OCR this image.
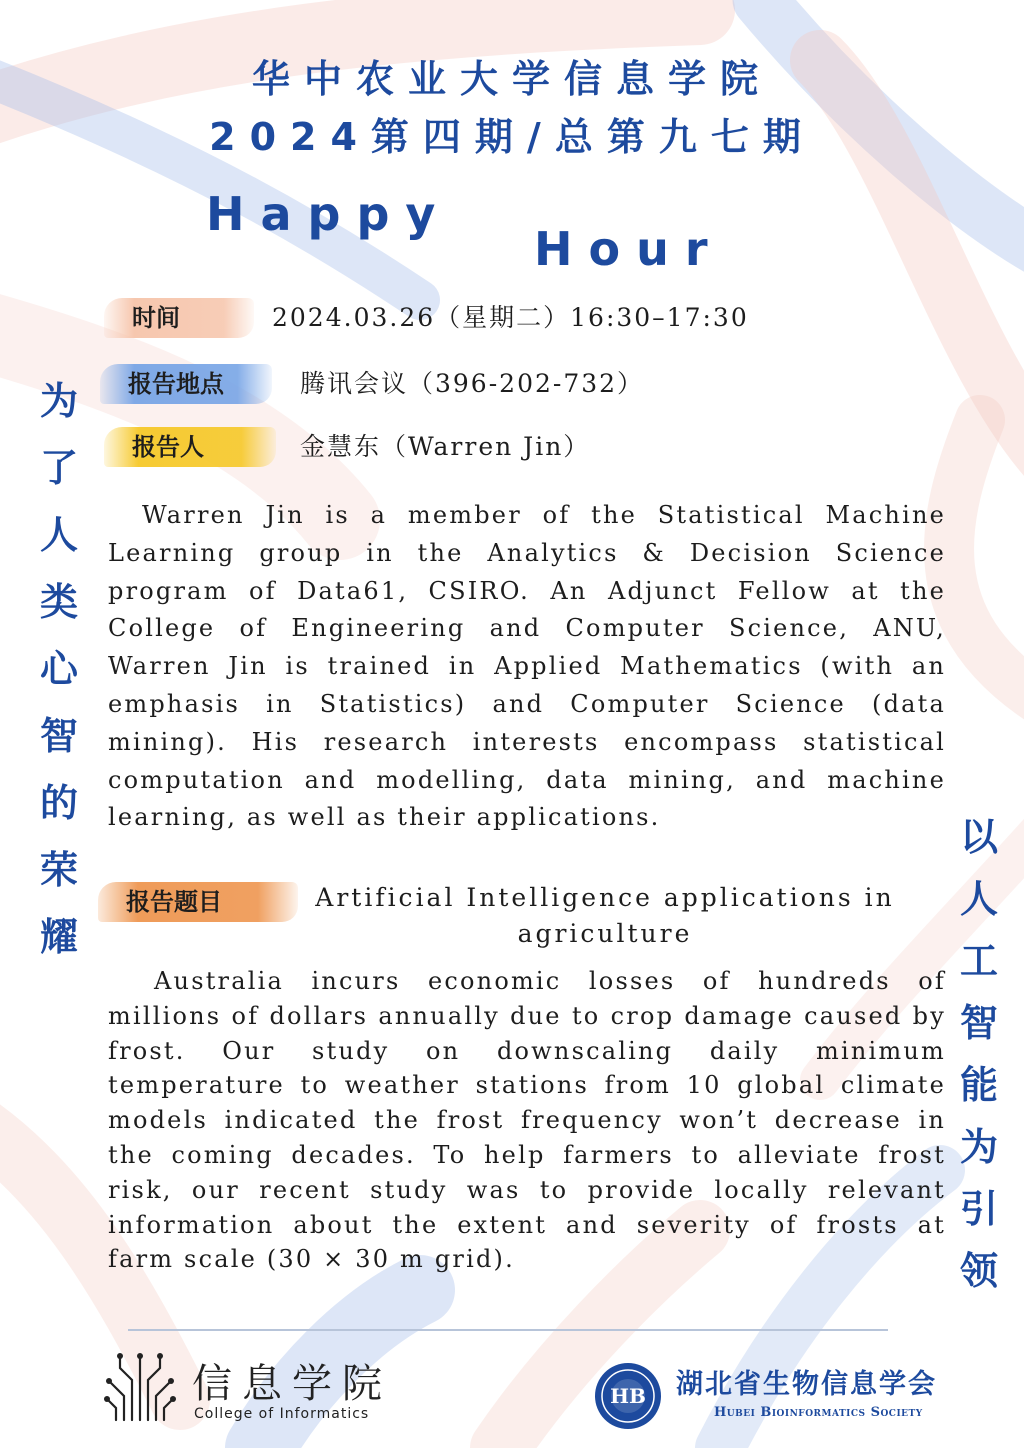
华中农业大学信息学院
2024第四期/总第九七期
Happy
Hour
时间	2024.03.26（星期二）16:30–17:30
报告地点	腾讯会议（396-202-732）
报告人	金慧东（Warren Jin）
Warren Jin is a member of the Statistical Machine Learning group in the Analytics & Decision Science program of Data61, CSIRO. An Adjunct Fellow at the College of Engineering and Computer Science, ANU, Warren Jin is trained in Applied Mathematics (with an emphasis in Statistics) and Computer Science (data mining). His research interests encompass statistical computation and modelling, data mining, and machine learning, as well as their applications.
报告题目	Artificial Intelligence applications in agriculture
Australia incurs economic losses of hundreds of millions of dollars annually due to crop damage caused by frost. Our study on downscaling daily minimum temperature to weather stations from 10 global climate models indicated the frost frequency won’t decrease in the coming decades. To help farmers to alleviate frost risk, our recent study was to provide locally relevant information about the extent and severity of frosts at farm scale (30 × 30 m grid).
为了人类心智的荣耀
以人工智能为引领
信息学院
College of Informatics
HB 湖北省生物信息学会
Hubei Bioinformatics Society
